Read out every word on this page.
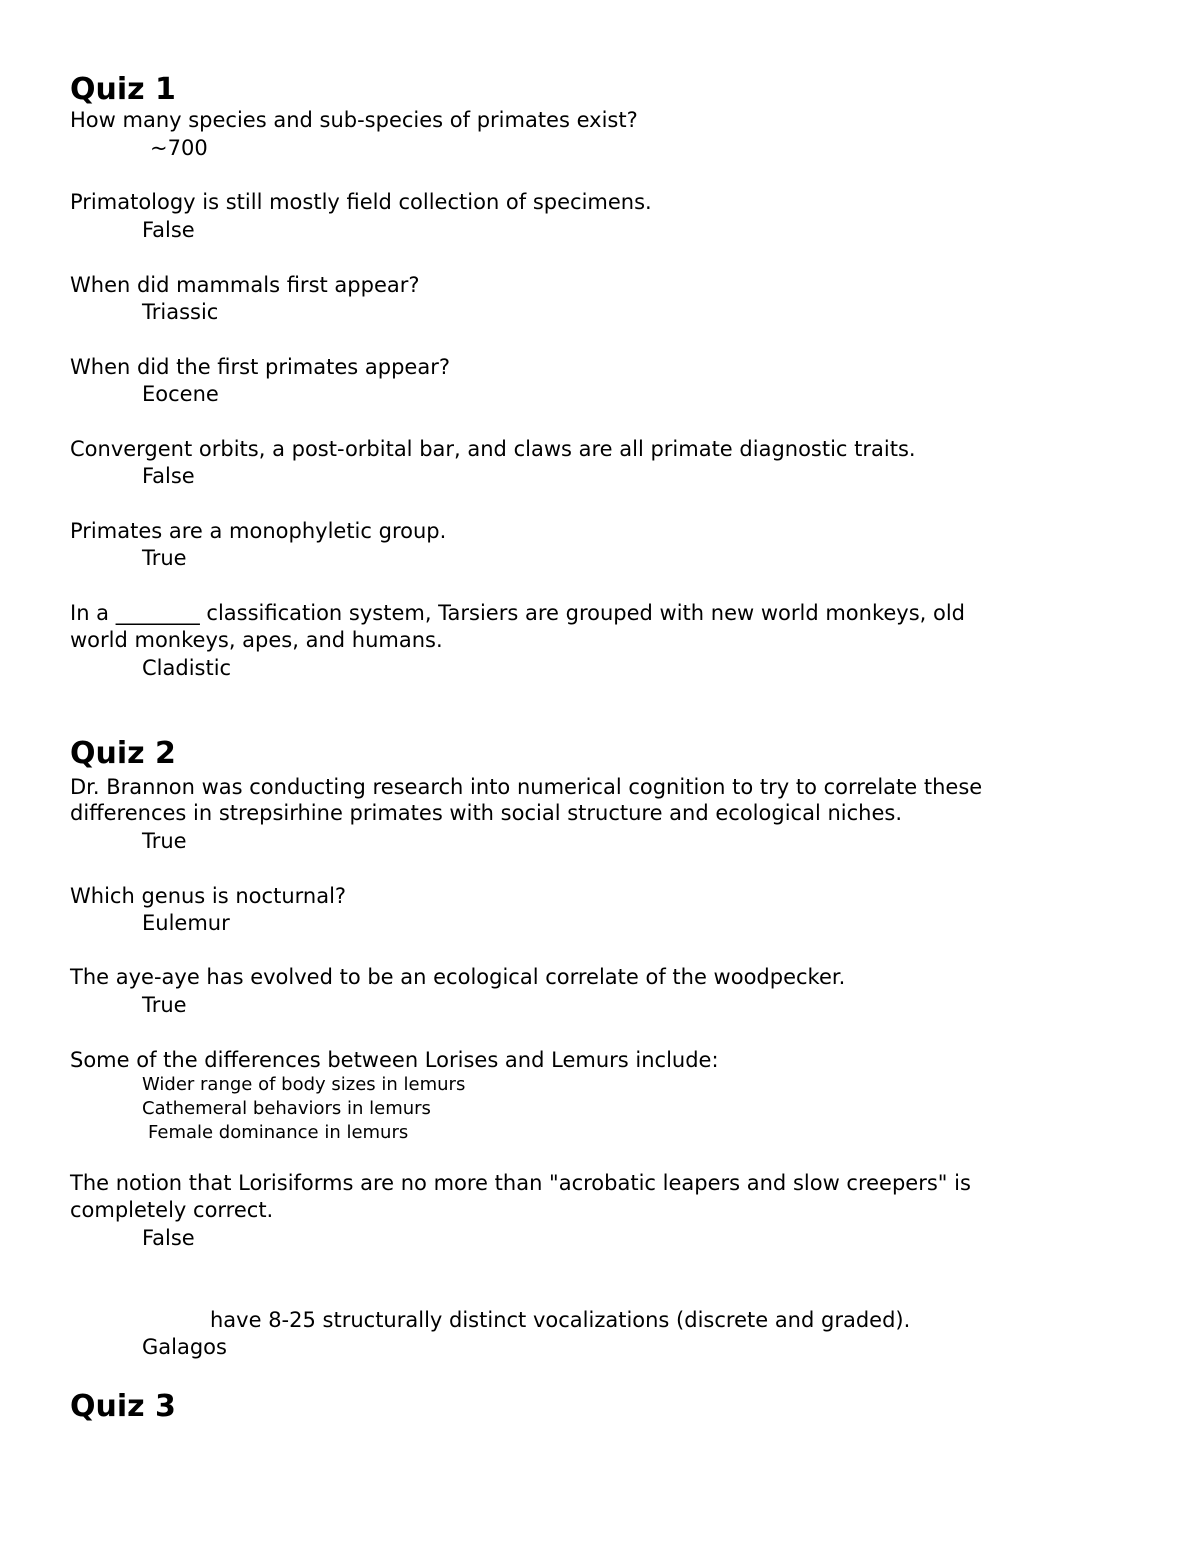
Quiz 1
How many species and sub-species of primates exist?
~700
Primatology is still mostly field collection of specimens.
False
When did mammals first appear?
Triassic
When did the first primates appear?
Eocene
Convergent orbits, a post-orbital bar, and claws are all primate diagnostic traits.
False
Primates are a monophyletic group.
True
In a ________ classification system, Tarsiers are grouped with new world monkeys, old
world monkeys, apes, and humans.
Cladistic
Quiz 2
Dr. Brannon was conducting research into numerical cognition to try to correlate these
differences in strepsirhine primates with social structure and ecological niches.
True
Which genus is nocturnal?
Eulemur
The aye-aye has evolved to be an ecological correlate of the woodpecker.
True
Some of the differences between Lorises and Lemurs include:
Wider range of body sizes in lemurs
Cathemeral behaviors in lemurs
Female dominance in lemurs
The notion that Lorisiforms are no more than "acrobatic leapers and slow creepers" is
completely correct.
False
have 8-25 structurally distinct vocalizations (discrete and graded).
Galagos
Quiz 3
